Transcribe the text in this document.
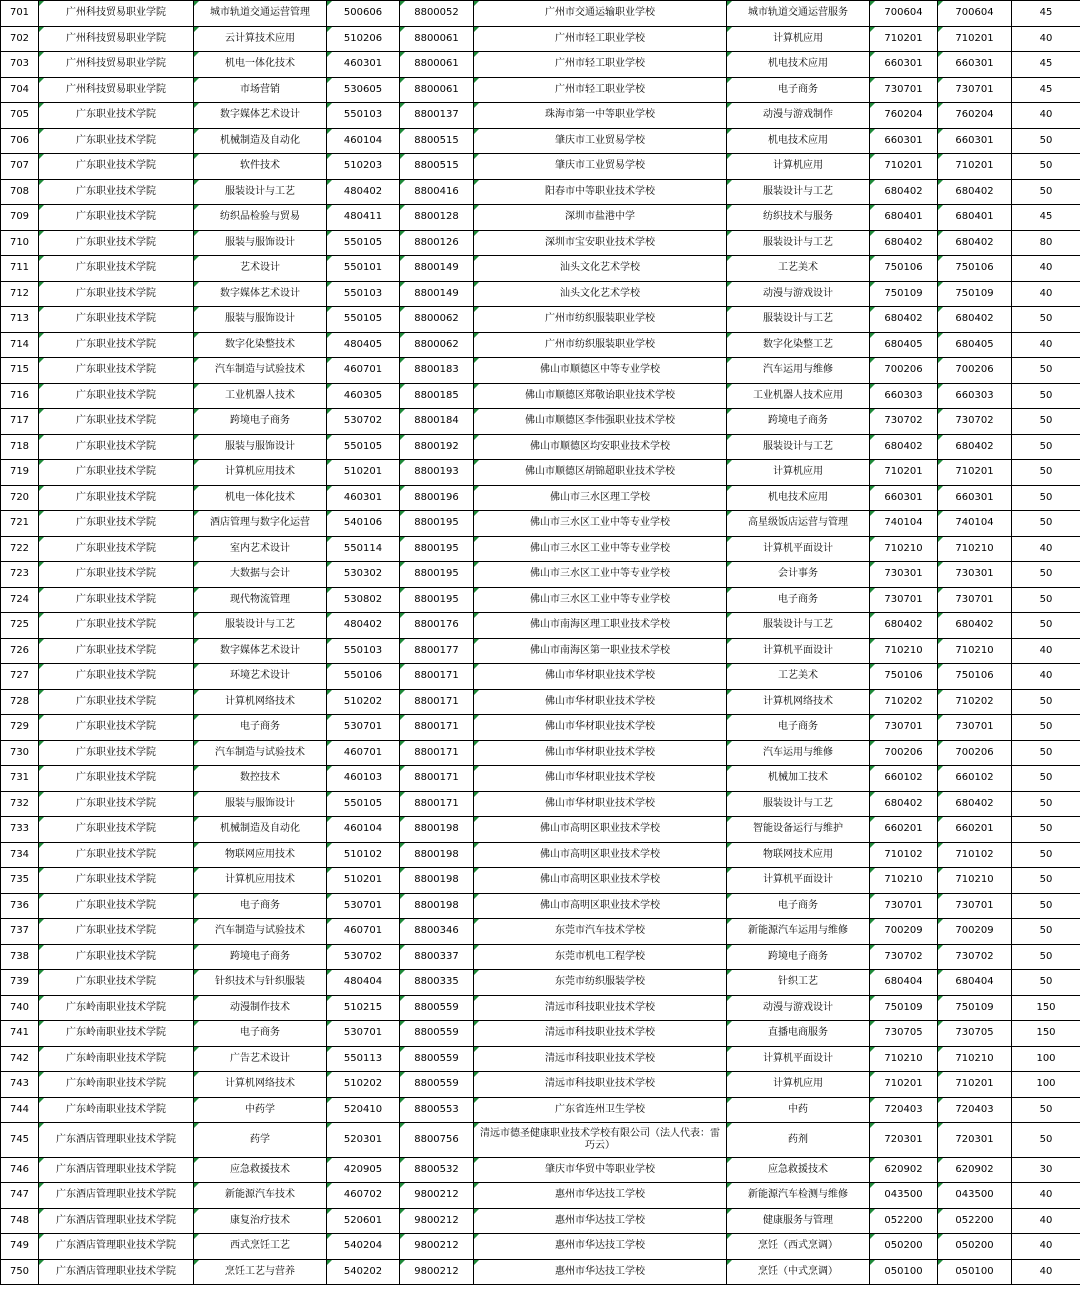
701	广州科技贸易职业学院	城市轨道交通运营管理	500606	8800052	广州市交通运输职业学校	城市轨道交通运营服务	700604	700604	45
702	广州科技贸易职业学院	云计算技术应用	510206	8800061	广州市轻工职业学校	计算机应用	710201	710201	40
703	广州科技贸易职业学院	机电一体化技术	460301	8800061	广州市轻工职业学校	机电技术应用	660301	660301	45
704	广州科技贸易职业学院	市场营销	530605	8800061	广州市轻工职业学校	电子商务	730701	730701	45
705	广东职业技术学院	数字媒体艺术设计	550103	8800137	珠海市第一中等职业学校	动漫与游戏制作	760204	760204	40
706	广东职业技术学院	机械制造及自动化	460104	8800515	肇庆市工业贸易学校	机电技术应用	660301	660301	50
707	广东职业技术学院	软件技术	510203	8800515	肇庆市工业贸易学校	计算机应用	710201	710201	50
708	广东职业技术学院	服装设计与工艺	480402	8800416	阳春市中等职业技术学校	服装设计与工艺	680402	680402	50
709	广东职业技术学院	纺织品检验与贸易	480411	8800128	深圳市盐港中学	纺织技术与服务	680401	680401	45
710	广东职业技术学院	服装与服饰设计	550105	8800126	深圳市宝安职业技术学校	服装设计与工艺	680402	680402	80
711	广东职业技术学院	艺术设计	550101	8800149	汕头文化艺术学校	工艺美术	750106	750106	40
712	广东职业技术学院	数字媒体艺术设计	550103	8800149	汕头文化艺术学校	动漫与游戏设计	750109	750109	40
713	广东职业技术学院	服装与服饰设计	550105	8800062	广州市纺织服装职业学校	服装设计与工艺	680402	680402	50
714	广东职业技术学院	数字化染整技术	480405	8800062	广州市纺织服装职业学校	数字化染整工艺	680405	680405	40
715	广东职业技术学院	汽车制造与试验技术	460701	8800183	佛山市顺德区中等专业学校	汽车运用与维修	700206	700206	50
716	广东职业技术学院	工业机器人技术	460305	8800185	佛山市顺德区郑敬诒职业技术学校	工业机器人技术应用	660303	660303	50
717	广东职业技术学院	跨境电子商务	530702	8800184	佛山市顺德区李伟强职业技术学校	跨境电子商务	730702	730702	50
718	广东职业技术学院	服装与服饰设计	550105	8800192	佛山市顺德区均安职业技术学校	服装设计与工艺	680402	680402	50
719	广东职业技术学院	计算机应用技术	510201	8800193	佛山市顺德区胡锦超职业技术学校	计算机应用	710201	710201	50
720	广东职业技术学院	机电一体化技术	460301	8800196	佛山市三水区理工学校	机电技术应用	660301	660301	50
721	广东职业技术学院	酒店管理与数字化运营	540106	8800195	佛山市三水区工业中等专业学校	高星级饭店运营与管理	740104	740104	50
722	广东职业技术学院	室内艺术设计	550114	8800195	佛山市三水区工业中等专业学校	计算机平面设计	710210	710210	40
723	广东职业技术学院	大数据与会计	530302	8800195	佛山市三水区工业中等专业学校	会计事务	730301	730301	50
724	广东职业技术学院	现代物流管理	530802	8800195	佛山市三水区工业中等专业学校	电子商务	730701	730701	50
725	广东职业技术学院	服装设计与工艺	480402	8800176	佛山市南海区理工职业技术学校	服装设计与工艺	680402	680402	50
726	广东职业技术学院	数字媒体艺术设计	550103	8800177	佛山市南海区第一职业技术学校	计算机平面设计	710210	710210	40
727	广东职业技术学院	环境艺术设计	550106	8800171	佛山市华材职业技术学校	工艺美术	750106	750106	40
728	广东职业技术学院	计算机网络技术	510202	8800171	佛山市华材职业技术学校	计算机网络技术	710202	710202	50
729	广东职业技术学院	电子商务	530701	8800171	佛山市华材职业技术学校	电子商务	730701	730701	50
730	广东职业技术学院	汽车制造与试验技术	460701	8800171	佛山市华材职业技术学校	汽车运用与维修	700206	700206	50
731	广东职业技术学院	数控技术	460103	8800171	佛山市华材职业技术学校	机械加工技术	660102	660102	50
732	广东职业技术学院	服装与服饰设计	550105	8800171	佛山市华材职业技术学校	服装设计与工艺	680402	680402	50
733	广东职业技术学院	机械制造及自动化	460104	8800198	佛山市高明区职业技术学校	智能设备运行与维护	660201	660201	50
734	广东职业技术学院	物联网应用技术	510102	8800198	佛山市高明区职业技术学校	物联网技术应用	710102	710102	50
735	广东职业技术学院	计算机应用技术	510201	8800198	佛山市高明区职业技术学校	计算机平面设计	710210	710210	50
736	广东职业技术学院	电子商务	530701	8800198	佛山市高明区职业技术学校	电子商务	730701	730701	50
737	广东职业技术学院	汽车制造与试验技术	460701	8800346	东莞市汽车技术学校	新能源汽车运用与维修	700209	700209	50
738	广东职业技术学院	跨境电子商务	530702	8800337	东莞市机电工程学校	跨境电子商务	730702	730702	50
739	广东职业技术学院	针织技术与针织服装	480404	8800335	东莞市纺织服装学校	针织工艺	680404	680404	50
740	广东岭南职业技术学院	动漫制作技术	510215	8800559	清远市科技职业技术学校	动漫与游戏设计	750109	750109	150
741	广东岭南职业技术学院	电子商务	530701	8800559	清远市科技职业技术学校	直播电商服务	730705	730705	150
742	广东岭南职业技术学院	广告艺术设计	550113	8800559	清远市科技职业技术学校	计算机平面设计	710210	710210	100
743	广东岭南职业技术学院	计算机网络技术	510202	8800559	清远市科技职业技术学校	计算机应用	710201	710201	100
744	广东岭南职业技术学院	中药学	520410	8800553	广东省连州卫生学校	中药	720403	720403	50
745	广东酒店管理职业技术学院	药学	520301	8800756	清远市德圣健康职业技术学校有限公司（法人代表：雷巧云）	药剂	720301	720301	50
746	广东酒店管理职业技术学院	应急救援技术	420905	8800532	肇庆市华贸中等职业学校	应急救援技术	620902	620902	30
747	广东酒店管理职业技术学院	新能源汽车技术	460702	9800212	惠州市华达技工学校	新能源汽车检测与维修	043500	043500	40
748	广东酒店管理职业技术学院	康复治疗技术	520601	9800212	惠州市华达技工学校	健康服务与管理	052200	052200	40
749	广东酒店管理职业技术学院	西式烹饪工艺	540204	9800212	惠州市华达技工学校	烹饪（西式烹调）	050200	050200	40
750	广东酒店管理职业技术学院	烹饪工艺与营养	540202	9800212	惠州市华达技工学校	烹饪（中式烹调）	050100	050100	40
